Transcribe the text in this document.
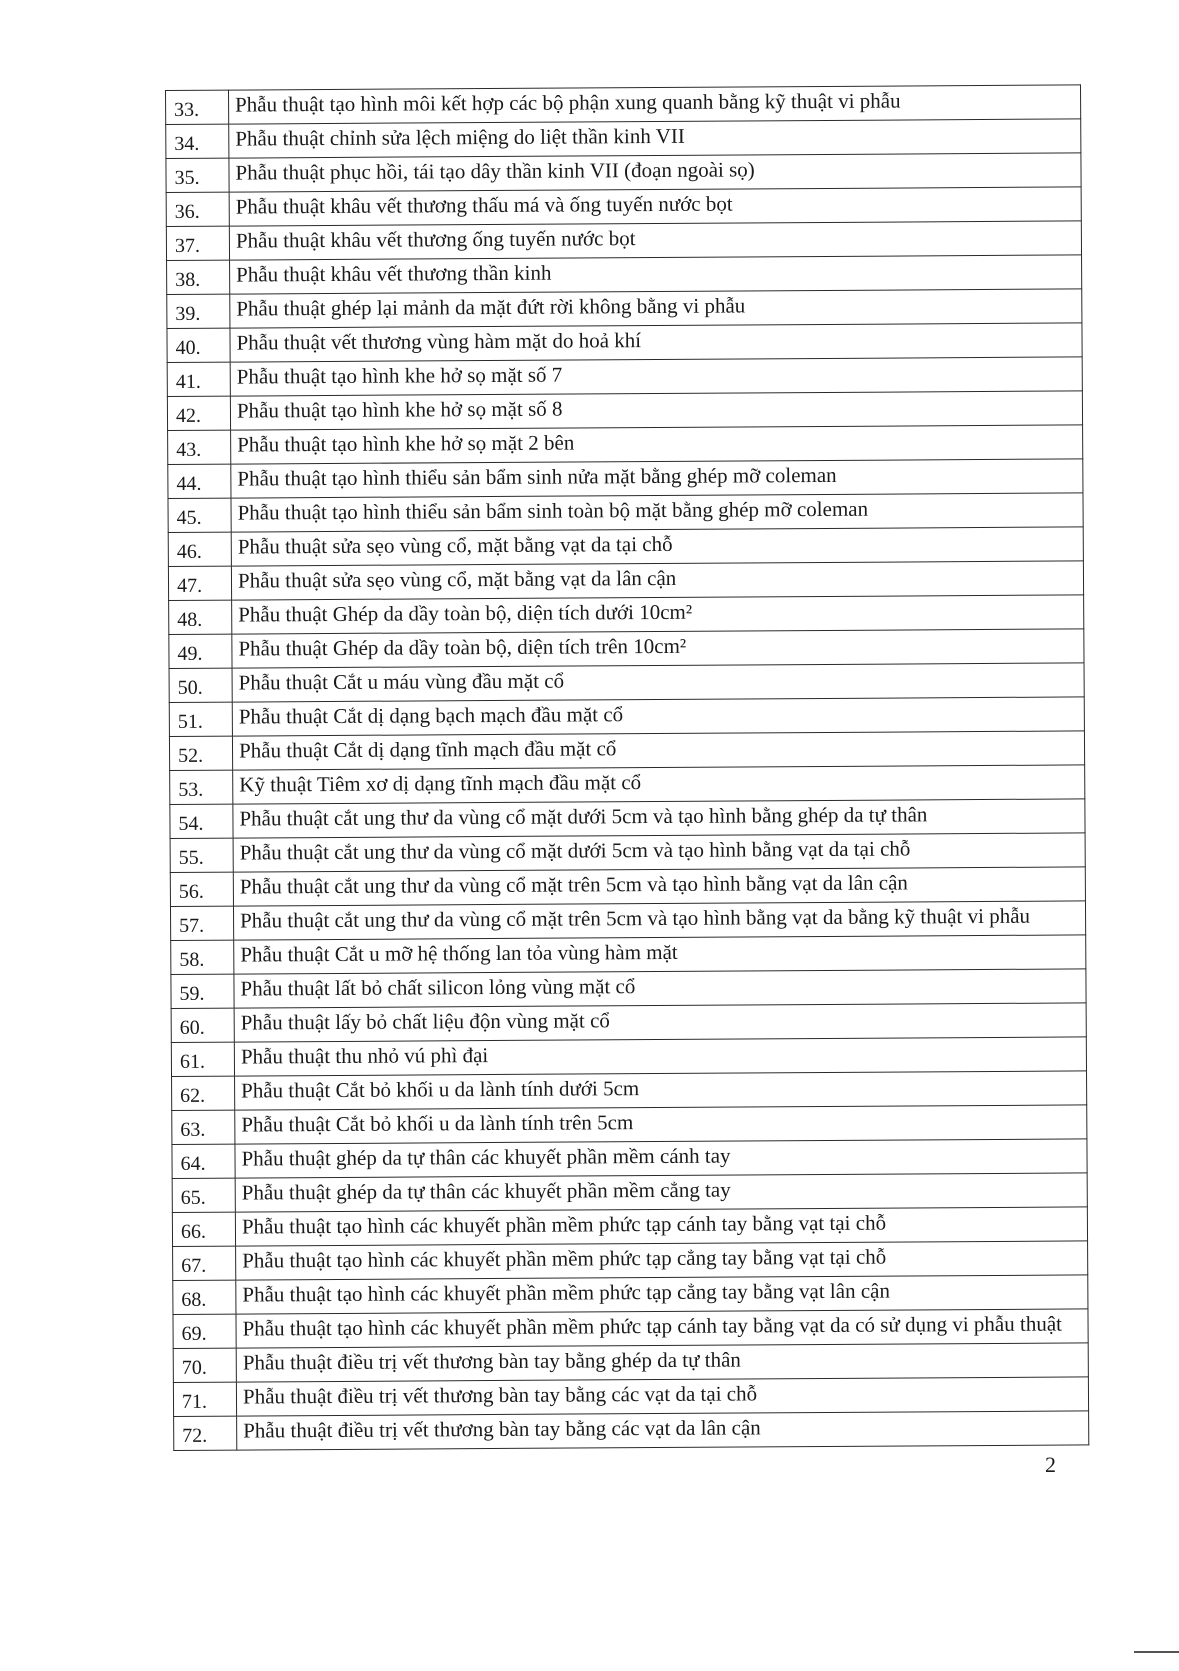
33.	Phẫu thuật tạo hình môi kết hợp các bộ phận xung quanh bằng kỹ thuật vi phẫu
34.	Phẫu thuật chỉnh sửa lệch miệng do liệt thần kinh VII
35.	Phẫu thuật phục hồi, tái tạo dây thần kinh VII (đoạn ngoài sọ)
36.	Phẫu thuật khâu vết thương thấu má và ống tuyến nước bọt
37.	Phẫu thuật khâu vết thương ống tuyến nước bọt
38.	Phẫu thuật khâu vết thương thần kinh
39.	Phẫu thuật ghép lại mảnh da mặt đứt rời không bằng vi phẫu
40.	Phẫu thuật vết thương vùng hàm mặt do hoả khí
41.	Phẫu thuật tạo hình khe hở sọ mặt số 7
42.	Phẫu thuật tạo hình khe hở sọ mặt số 8
43.	Phẫu thuật tạo hình khe hở sọ mặt 2 bên
44.	Phẫu thuật tạo hình thiểu sản bẩm sinh nửa mặt bằng ghép mỡ coleman
45.	Phẫu thuật tạo hình thiểu sản bẩm sinh toàn bộ mặt bằng ghép mỡ coleman
46.	Phẫu thuật sửa sẹo vùng cổ, mặt bằng vạt da tại chỗ
47.	Phẫu thuật sửa sẹo vùng cổ, mặt bằng vạt da lân cận
48.	Phẫu thuật Ghép da dầy toàn bộ, diện tích dưới 10cm²
49.	Phẫu thuật Ghép da dầy toàn bộ, diện tích trên 10cm²
50.	Phẫu thuật Cắt u máu vùng đầu mặt cổ
51.	Phẫu thuật Cắt dị dạng bạch mạch đầu mặt cổ
52.	Phẫu thuật Cắt dị dạng tĩnh mạch đầu mặt cổ
53.	Kỹ thuật Tiêm xơ dị dạng tĩnh mạch đầu mặt cổ
54.	Phẫu thuật cắt ung thư da vùng cổ mặt dưới 5cm và tạo hình bằng ghép da tự thân
55.	Phẫu thuật cắt ung thư da vùng cổ mặt dưới 5cm và tạo hình bằng vạt da tại chỗ
56.	Phẫu thuật cắt ung thư da vùng cổ mặt trên 5cm và tạo hình bằng vạt da lân cận
57.	Phẫu thuật cắt ung thư da vùng cổ mặt trên 5cm và tạo hình bằng vạt da bằng kỹ thuật vi phẫu
58.	Phẫu thuật Cắt u mỡ hệ thống lan tỏa vùng hàm mặt
59.	Phẫu thuật lất bỏ chất silicon lỏng vùng mặt cổ
60.	Phẫu thuật lấy bỏ chất liệu độn vùng mặt cổ
61.	Phẫu thuật thu nhỏ vú phì đại
62.	Phẫu thuật Cắt bỏ khối u da lành tính dưới 5cm
63.	Phẫu thuật Cắt bỏ khối u da lành tính trên 5cm
64.	Phẫu thuật ghép da tự thân các khuyết phần mềm cánh tay
65.	Phẫu thuật ghép da tự thân các khuyết phần mềm cẳng tay
66.	Phẫu thuật tạo hình các khuyết phần mềm phức tạp cánh tay bằng vạt tại chỗ
67.	Phẫu thuật tạo hình các khuyết phần mềm phức tạp cẳng tay bằng vạt tại chỗ
68.	Phẫu thuật tạo hình các khuyết phần mềm phức tạp cẳng tay bằng vạt lân cận
69.	Phẫu thuật tạo hình các khuyết phần mềm phức tạp cánh tay bằng vạt da có sử dụng vi phẫu thuật
70.	Phẫu thuật điều trị vết thương bàn tay bằng ghép da tự thân
71.	Phẫu thuật điều trị vết thương bàn tay bằng các vạt da tại chỗ
72.	Phẫu thuật điều trị vết thương bàn tay bằng các vạt da lân cận
2
